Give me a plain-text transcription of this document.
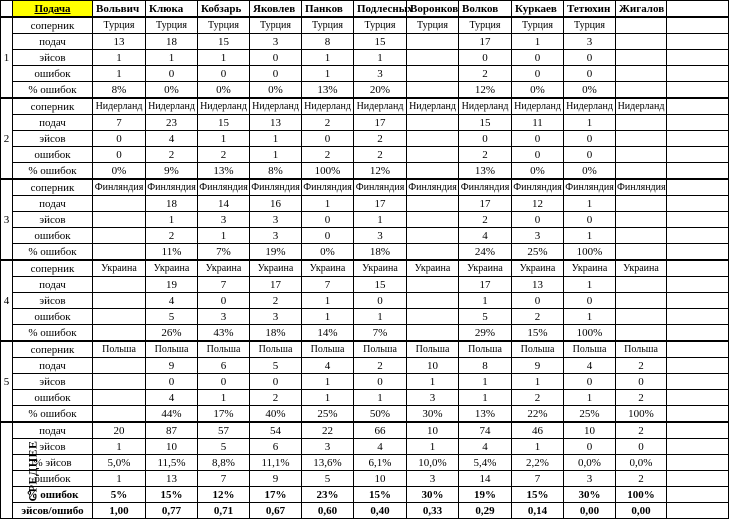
	Подача	Вольвич	Клюка	Кобзарь	Яковлев	Панков	Подлесных	Воронков	Волков	Куркаев	Тетюхин	Жигалов		
1	соперник	Турция	Турция	Турция	Турция	Турция	Турция	Турция	Турция	Турция	Турция			
	подач	13	18	15	3	8	15		17	1	3			
	эйсов	1	1	1	0	1	1		0	0	0			
	ошибок	1	0	0	0	1	3		2	0	0			
	% ошибок	8%	0%	0%	0%	13%	20%		12%	0%	0%			
2	соперник	Нидерланд	Нидерланд	Нидерланд	Нидерланд	Нидерланд	Нидерланд	Нидерланд	Нидерланд	Нидерланд	Нидерланд	Нидерланд		
	подач	7	23	15	13	2	17		15	11	1			
	эйсов	0	4	1	1	0	2		0	0	0			
	ошибок	0	2	2	1	2	2		2	0	0			
	% ошибок	0%	9%	13%	8%	100%	12%		13%	0%	0%			
3	соперник	Финляндия	Финляндия	Финляндия	Финляндия	Финляндия	Финляндия	Финляндия	Финляндия	Финляндия	Финляндия	Финляндия		
	подач		18	14	16	1	17		17	12	1			
	эйсов		1	3	3	0	1		2	0	0			
	ошибок		2	1	3	0	3		4	3	1			
	% ошибок		11%	7%	19%	0%	18%		24%	25%	100%			
4	соперник	Украина	Украина	Украина	Украина	Украина	Украина	Украина	Украина	Украина	Украина	Украина		
	подач		19	7	17	7	15		17	13	1			
	эйсов		4	0	2	1	0		1	0	0			
	ошибок		5	3	3	1	1		5	2	1			
	% ошибок		26%	43%	18%	14%	7%		29%	15%	100%			
5	соперник	Польша	Польша	Польша	Польша	Польша	Польша	Польша	Польша	Польша	Польша	Польша		
	подач		9	6	5	4	2	10	8	9	4	2		
	эйсов		0	0	0	1	0	1	1	1	0	0		
	ошибок		4	1	2	1	1	3	1	2	1	2		
	% ошибок		44%	17%	40%	25%	50%	30%	13%	22%	25%	100%		
СРЕДНЕЕ	подач	20	87	57	54	22	66	10	74	46	10	2		
	эйсов	1	10	5	6	3	4	1	4	1	0	0		
	% эйсов	5,0%	11,5%	8,8%	11,1%	13,6%	6,1%	10,0%	5,4%	2,2%	0,0%	0,0%		
	ошибок	1	13	7	9	5	10	3	14	7	3	2		
	% ошибок	5%	15%	12%	17%	23%	15%	30%	19%	15%	30%	100%		
	эйсов/ошибо	1,00	0,77	0,71	0,67	0,60	0,40	0,33	0,29	0,14	0,00	0,00		
